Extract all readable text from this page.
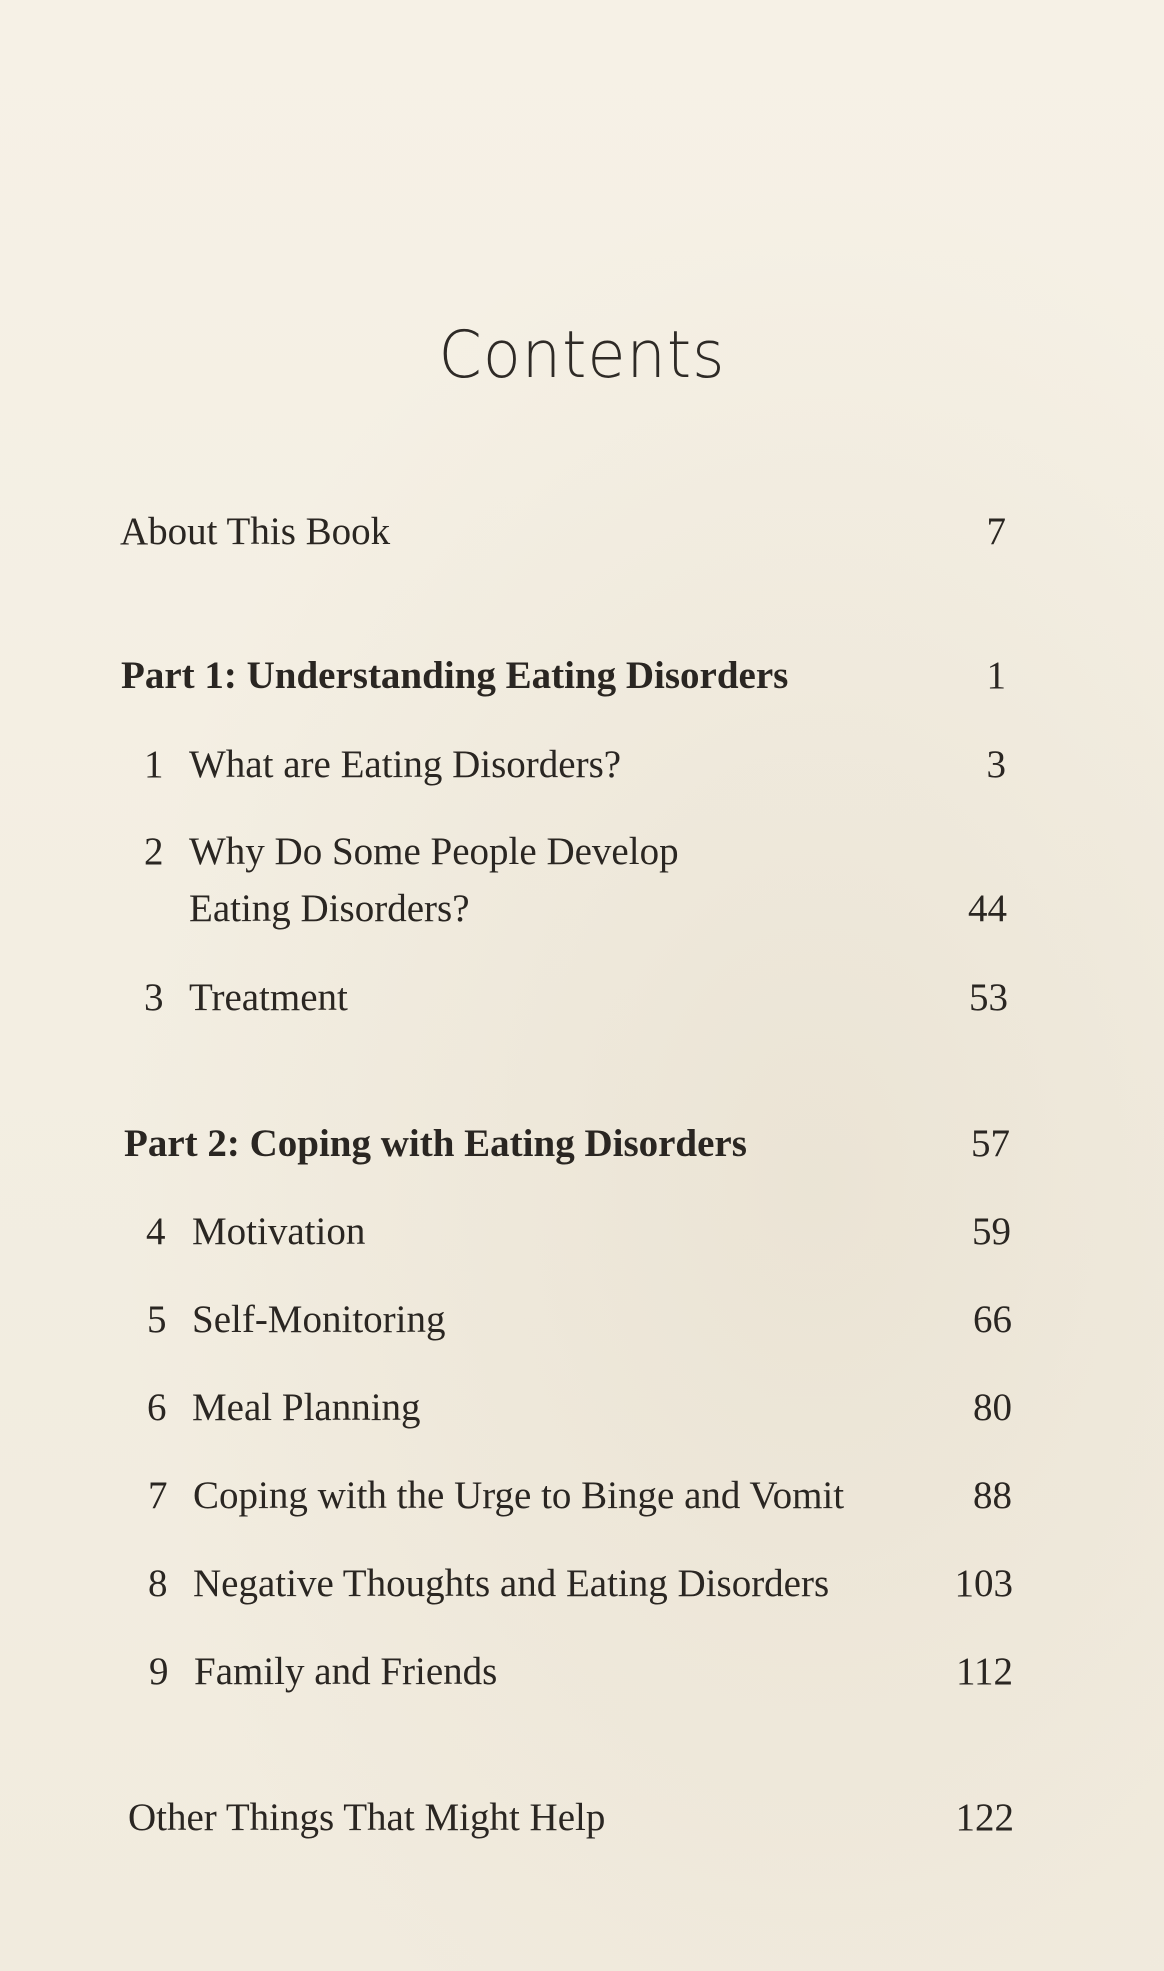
Contents
About This Book	7
Part 1: Understanding Eating Disorders	1
1 What are Eating Disorders?	3
2 Why Do Some People Develop
Eating Disorders?	44
3 Treatment	53
Part 2: Coping with Eating Disorders	57
4 Motivation	59
5 Self-Monitoring	66
6 Meal Planning	80
7 Coping with the Urge to Binge and Vomit	88
8 Negative Thoughts and Eating Disorders	103
9 Family and Friends	112
Other Things That Might Help	122
